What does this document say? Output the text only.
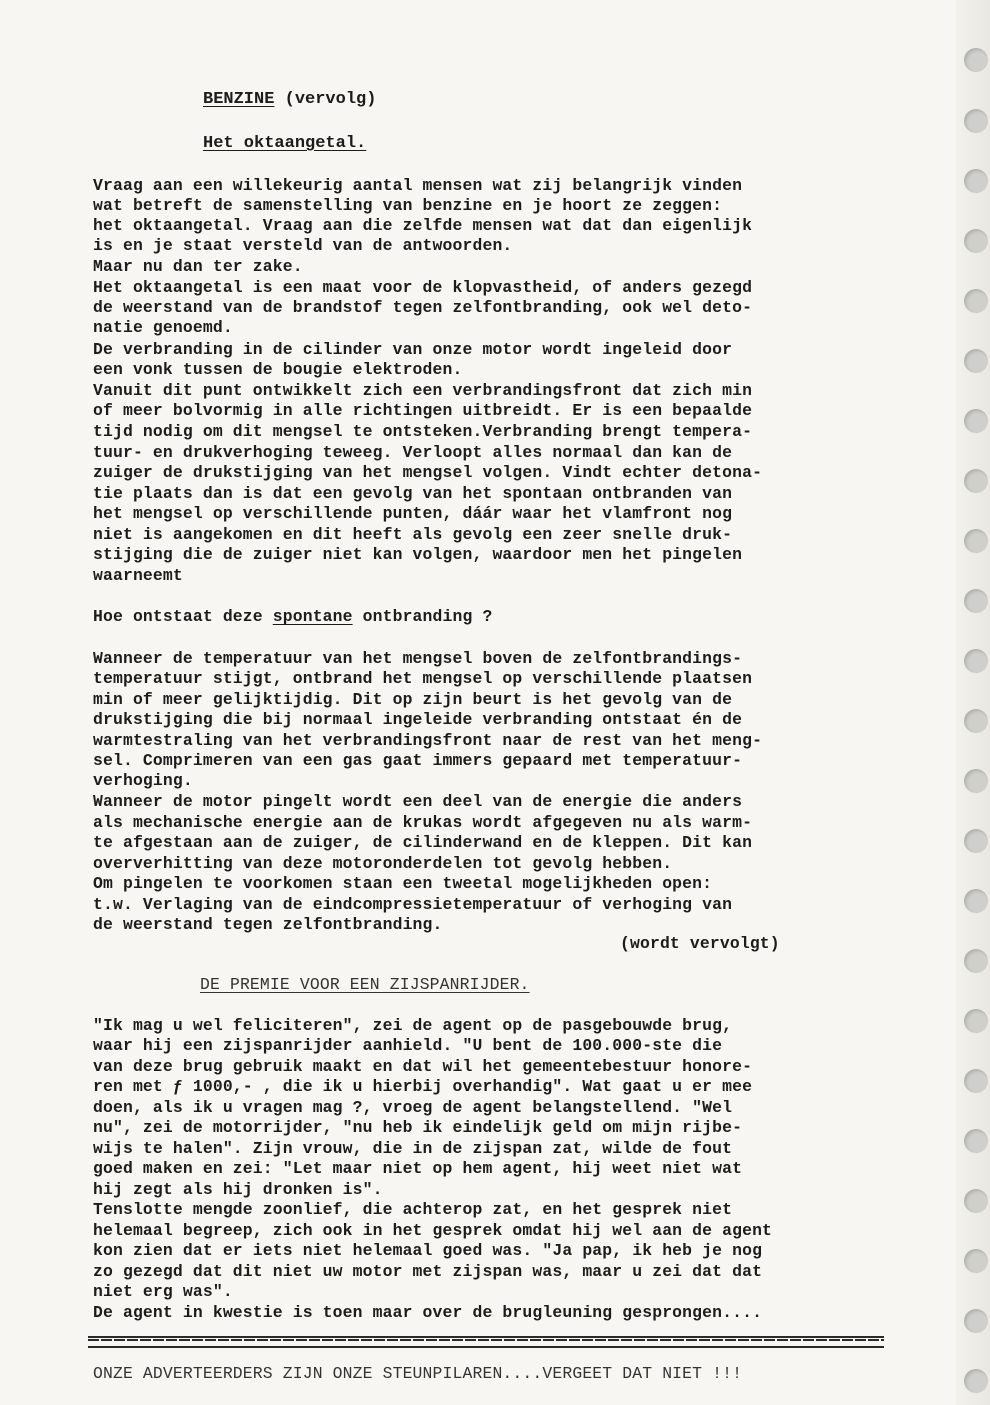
BENZINE (vervolg)
Het oktaangetal.
Vraag aan een willekeurig aantal mensen wat zij belangrijk vinden
wat betreft de samenstelling van benzine en je hoort ze zeggen:
het oktaangetal. Vraag aan die zelfde mensen wat dat dan eigenlijk
is en je staat versteld van de antwoorden.
Maar nu dan ter zake.
Het oktaangetal is een maat voor de klopvastheid, of anders gezegd
de weerstand van de brandstof tegen zelfontbranding, ook wel deto-
natie genoemd.
De verbranding in de cilinder van onze motor wordt ingeleid door
een vonk tussen de bougie elektroden.
Vanuit dit punt ontwikkelt zich een verbrandingsfront dat zich min
of meer bolvormig in alle richtingen uitbreidt. Er is een bepaalde
tijd nodig om dit mengsel te ontsteken.Verbranding brengt tempera-
tuur- en drukverhoging teweeg. Verloopt alles normaal dan kan de
zuiger de drukstijging van het mengsel volgen. Vindt echter detona-
tie plaats dan is dat een gevolg van het spontaan ontbranden van
het mengsel op verschillende punten, dáár waar het vlamfront nog
niet is aangekomen en dit heeft als gevolg een zeer snelle druk-
stijging die de zuiger niet kan volgen, waardoor men het pingelen
waarneemt
Hoe ontstaat deze spontane ontbranding ?
Wanneer de temperatuur van het mengsel boven de zelfontbrandings-
temperatuur stijgt, ontbrand het mengsel op verschillende plaatsen
min of meer gelijktijdig. Dit op zijn beurt is het gevolg van de
drukstijging die bij normaal ingeleide verbranding ontstaat én de
warmtestraling van het verbrandingsfront naar de rest van het meng-
sel. Comprimeren van een gas gaat immers gepaard met temperatuur-
verhoging.
Wanneer de motor pingelt wordt een deel van de energie die anders
als mechanische energie aan de krukas wordt afgegeven nu als warm-
te afgestaan aan de zuiger, de cilinderwand en de kleppen. Dit kan
oververhitting van deze motoronderdelen tot gevolg hebben.
Om pingelen te voorkomen staan een tweetal mogelijkheden open:
t.w. Verlaging van de eindcompressietemperatuur of verhoging van
de weerstand tegen zelfontbranding.
(wordt vervolgt)
DE PREMIE VOOR EEN ZIJSPANRIJDER.
"Ik mag u wel feliciteren", zei de agent op de pasgebouwde brug,
waar hij een zijspanrijder aanhield. "U bent de 100.000-ste die
van deze brug gebruik maakt en dat wil het gemeentebestuur honore-
ren met ƒ 1000,- , die ik u hierbij overhandig". Wat gaat u er mee
doen, als ik u vragen mag ?, vroeg de agent belangstellend. "Wel
nu", zei de motorrijder, "nu heb ik eindelijk geld om mijn rijbe-
wijs te halen". Zijn vrouw, die in de zijspan zat, wilde de fout
goed maken en zei: "Let maar niet op hem agent, hij weet niet wat
hij zegt als hij dronken is".
Tenslotte mengde zoonlief, die achterop zat, en het gesprek niet
helemaal begreep, zich ook in het gesprek omdat hij wel aan de agent
kon zien dat er iets niet helemaal goed was. "Ja pap, ik heb je nog
zo gezegd dat dit niet uw motor met zijspan was, maar u zei dat dat
niet erg was".
De agent in kwestie is toen maar over de brugleuning gesprongen....
ONZE ADVERTEERDERS ZIJN ONZE STEUNPILAREN....VERGEET DAT NIET !!!
